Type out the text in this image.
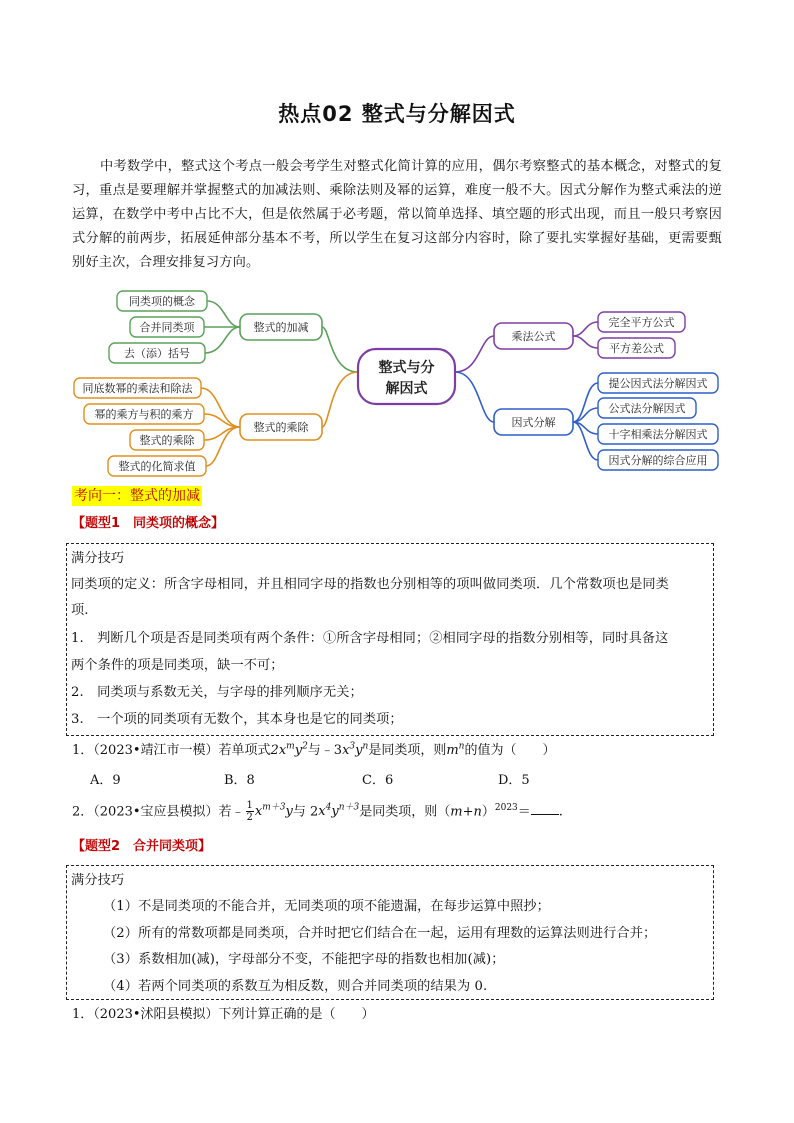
热点02 整式与分解因式
中考数学中，整式这个考点一般会考学生对整式化简计算的应用，偶尔考察整式的基本概念，对整式的复习，重点是要理解并掌握整式的加减法则、乘除法则及幂的运算，难度一般不大。因式分解作为整式乘法的逆运算，在数学中考中占比不大，但是依然属于必考题，常以简单选择、填空题的形式出现，而且一般只考察因式分解的前两步，拓展延伸部分基本不考，所以学生在复习这部分内容时，除了要扎实掌握好基础，更需要甄别好主次，合理安排复习方向。
整式与分
解因式
整式的加减
同类项的概念
合并同类项
去（添）括号
整式的乘除
同底数幂的乘法和除法
幂的乘方与积的乘方
整式的乘除
整式的化简求值
乘法公式
完全平方公式
平方差公式
因式分解
提公因式法分解因式
公式法分解因式
十字相乘法分解因式
因式分解的综合应用
考向一：整式的加减
【题型1　同类项的概念】
满分技巧
同类项的定义：所含字母相同，并且相同字母的指数也分别相等的项叫做同类项．几个常数项也是同类
项.
1.　判断几个项是否是同类项有两个条件：①所含字母相同；②相同字母的指数分别相等，同时具备这
两个条件的项是同类项，缺一不可；
2.　同类项与系数无关，与字母的排列顺序无关；
3.　一个项的同类项有无数个，其本身也是它的同类项；
1．（2023•靖江市一模）若单项式$2x^my^2$与$﹣3x^3y^n$是同类项，则$m^n$的值为（　　）
A．9	B．8	C．6	D．5
2．（2023•宝应县模拟）若﹣ $\frac{1}{2} x^{m+3}y$与 $2x^4y^{n+3}$是同类项，则$(m+n)^{2023}=$ .
【题型2　合并同类项】
满分技巧
（1）不是同类项的不能合并，无同类项的项不能遗漏，在每步运算中照抄；
（2）所有的常数项都是同类项，合并时把它们结合在一起，运用有理数的运算法则进行合并；
（3）系数相加(减)，字母部分不变，不能把字母的指数也相加(减)；
（4）若两个同类项的系数互为相反数，则合并同类项的结果为 0.
1．（2023•沭阳县模拟）下列计算正确的是（　　）
